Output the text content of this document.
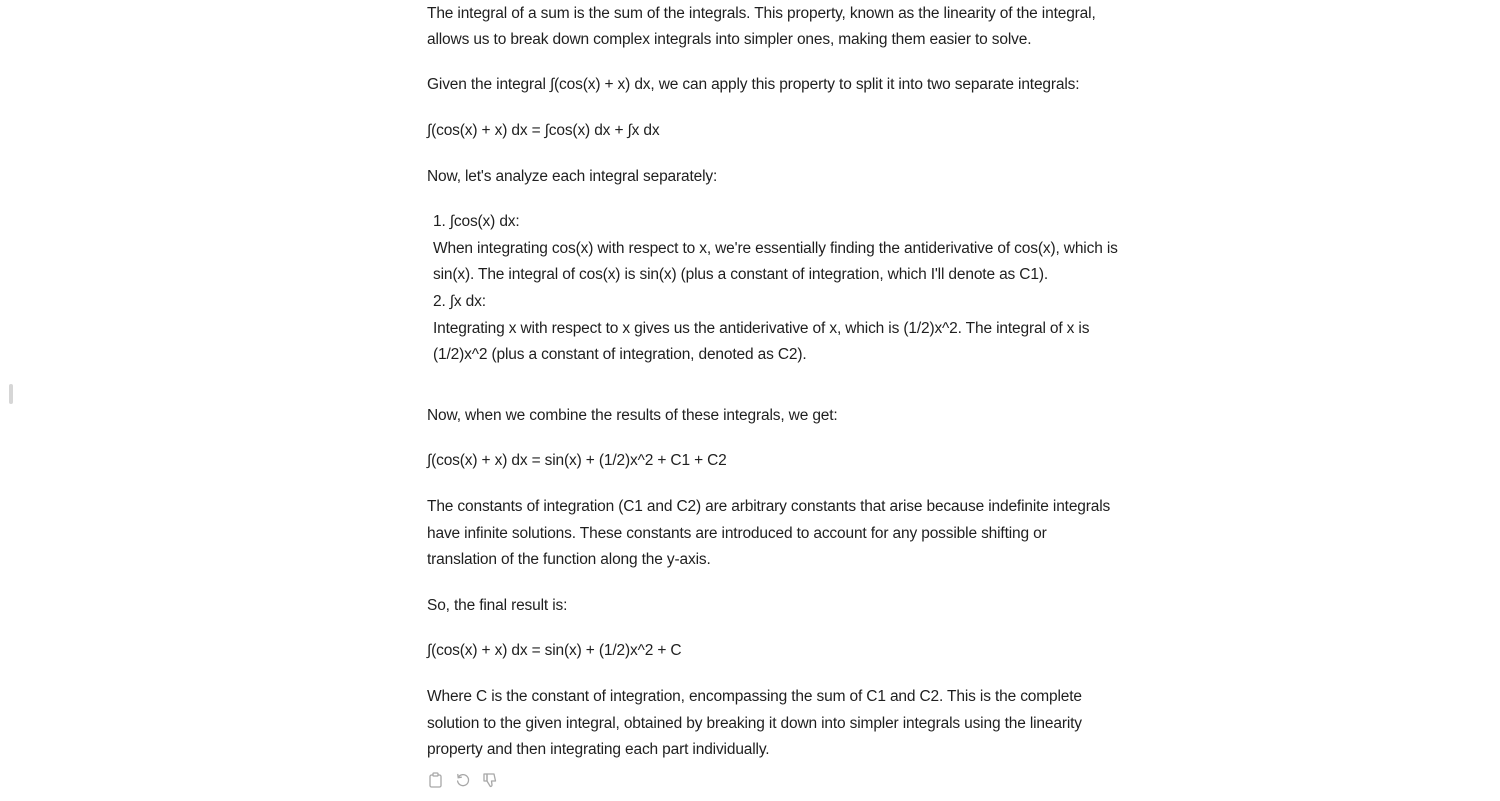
The integral of a sum is the sum of the integrals. This property, known as the linearity of the integral,
allows us to break down complex integrals into simpler ones, making them easier to solve.
Given the integral ∫(cos(x) + x) dx, we can apply this property to split it into two separate integrals:
∫(cos(x) + x) dx = ∫cos(x) dx + ∫x dx
Now, let's analyze each integral separately:
1. ∫cos(x) dx:
When integrating cos(x) with respect to x, we're essentially finding the antiderivative of cos(x), which is
sin(x). The integral of cos(x) is sin(x) (plus a constant of integration, which I'll denote as C1).
2. ∫x dx:
Integrating x with respect to x gives us the antiderivative of x, which is (1/2)x^2. The integral of x is
(1/2)x^2 (plus a constant of integration, denoted as C2).
Now, when we combine the results of these integrals, we get:
∫(cos(x) + x) dx = sin(x) + (1/2)x^2 + C1 + C2
The constants of integration (C1 and C2) are arbitrary constants that arise because indefinite integrals
have infinite solutions. These constants are introduced to account for any possible shifting or
translation of the function along the y-axis.
So, the final result is:
∫(cos(x) + x) dx = sin(x) + (1/2)x^2 + C
Where C is the constant of integration, encompassing the sum of C1 and C2. This is the complete
solution to the given integral, obtained by breaking it down into simpler integrals using the linearity
property and then integrating each part individually.
